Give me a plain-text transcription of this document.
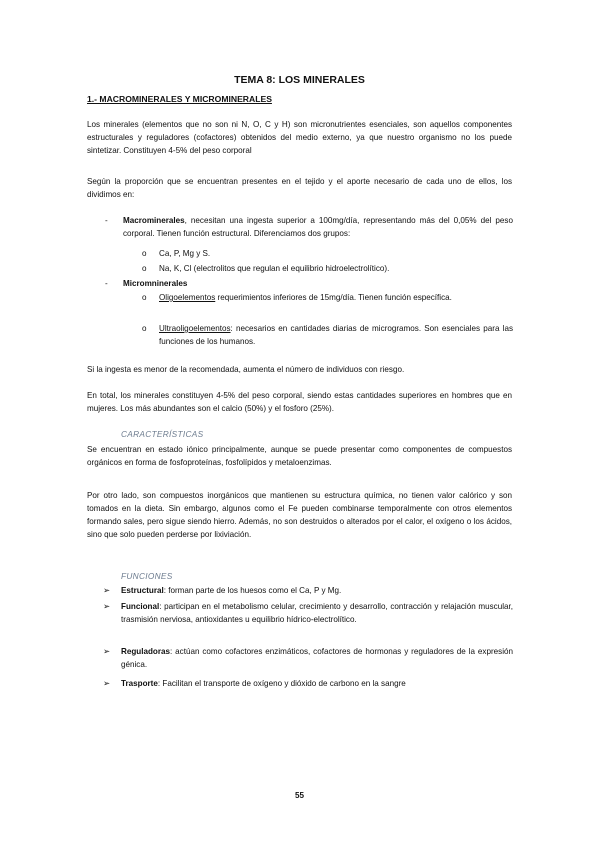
TEMA 8: LOS MINERALES
1.- MACROMINERALES Y MICROMINERALES
Los minerales (elementos que no son ni N, O, C y H) son micronutrientes esenciales, son aquellos componentes estructurales y reguladores (cofactores) obtenidos del medio externo, ya que nuestro organismo no los puede sintetizar. Constituyen 4-5% del peso corporal
Según la proporción que se encuentran presentes en el tejido y el aporte necesario de cada uno de ellos, los dividimos en:
- Macrominerales, necesitan una ingesta superior a 100mg/día, representando más del 0,05% del peso corporal. Tienen función estructural. Diferenciamos dos grupos:
o Ca, P, Mg y S.
o Na, K, Cl (electrolitos que regulan el equilibrio hidroelectrolítico).
- Micromninerales
o Oligoelementos requerimientos inferiores de 15mg/día. Tienen función específica.
o Ultraoligoelementos: necesarios en cantidades diarias de microgramos. Son esenciales para las funciones de los humanos.
Si la ingesta es menor de la recomendada, aumenta el número de individuos con riesgo.
En total, los minerales constituyen 4-5% del peso corporal, siendo estas cantidades superiores en hombres que en mujeres. Los más abundantes son el calcio (50%) y el fosforo (25%).
CARACTERÍSTICAS
Se encuentran en estado iónico principalmente, aunque se puede presentar como componentes de compuestos orgánicos en forma de fosfoproteínas, fosfolípidos y metaloenzimas.
Por otro lado, son compuestos inorgánicos que mantienen su estructura química, no tienen valor calórico y son tomados en la dieta. Sin embargo, algunos como el Fe pueden combinarse temporalmente con otros elementos formando sales, pero sigue siendo hierro. Además, no son destruidos o alterados por el calor, el oxígeno o los ácidos, sino que solo pueden perderse por lixiviación.
FUNCIONES
➢ Estructural: forman parte de los huesos como el Ca, P y Mg.
➢ Funcional: participan en el metabolismo celular, crecimiento y desarrollo, contracción y relajación muscular, trasmisión nerviosa, antioxidantes u equilibrio hídrico-electrolítico.
➢ Reguladoras: actúan como cofactores enzimáticos, cofactores de hormonas y reguladores de la expresión génica.
➢ Trasporte: Facilitan el transporte de oxígeno y dióxido de carbono en la sangre
55
